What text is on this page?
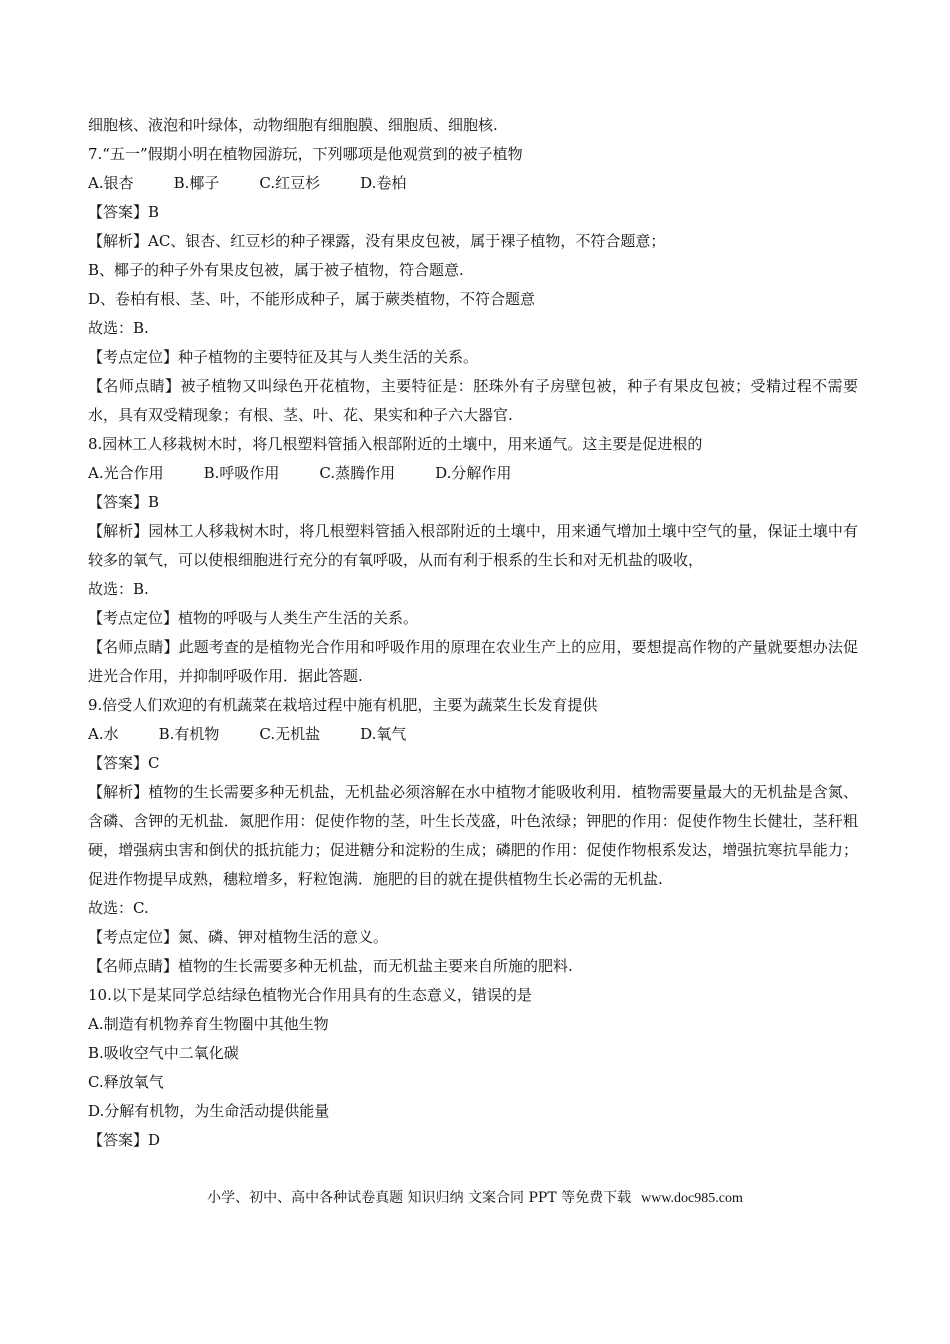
细胞核、液泡和叶绿体，动物细胞有细胞膜、细胞质、细胞核.
7.“五一”假期小明在植物园游玩，下列哪项是他观赏到的被子植物
A.银杏	B.椰子	C.红豆杉	D.卷柏
【答案】B
【解析】AC、银杏、红豆杉的种子裸露，没有果皮包被，属于裸子植物，不符合题意；
B、椰子的种子外有果皮包被，属于被子植物，符合题意.
D、卷柏有根、茎、叶，不能形成种子，属于蕨类植物，不符合题意
故选：B.
【考点定位】种子植物的主要特征及其与人类生活的关系。
【名师点睛】被子植物又叫绿色开花植物，主要特征是：胚珠外有子房壁包被，种子有果皮包被；受精过程不需要水，具有双受精现象；有根、茎、叶、花、果实和种子六大器官.
8.园林工人移栽树木时，将几根塑料管插入根部附近的土壤中，用来通气。这主要是促进根的
A.光合作用	B.呼吸作用	C.蒸腾作用	D.分解作用
【答案】B
【解析】园林工人移栽树木时，将几根塑料管插入根部附近的土壤中，用来通气增加土壤中空气的量，保证土壤中有较多的氧气，可以使根细胞进行充分的有氧呼吸，从而有利于根系的生长和对无机盐的吸收，
故选：B.
【考点定位】植物的呼吸与人类生产生活的关系。
【名师点睛】此题考查的是植物光合作用和呼吸作用的原理在农业生产上的应用，要想提高作物的产量就要想办法促进光合作用，并抑制呼吸作用．据此答题.
9.倍受人们欢迎的有机蔬菜在栽培过程中施有机肥，主要为蔬菜生长发育提供
A.水	B.有机物	C.无机盐	D.氧气
【答案】C
【解析】植物的生长需要多种无机盐，无机盐必须溶解在水中植物才能吸收利用．植物需要量最大的无机盐是含氮、含磷、含钾的无机盐．氮肥作用：促使作物的茎，叶生长茂盛，叶色浓绿；钾肥的作用：促使作物生长健壮，茎秆粗硬，增强病虫害和倒伏的抵抗能力；促进糖分和淀粉的生成；磷肥的作用：促使作物根系发达，增强抗寒抗旱能力；促进作物提早成熟，穗粒增多，籽粒饱满．施肥的目的就在提供植物生长必需的无机盐.
故选：C.
【考点定位】氮、磷、钾对植物生活的意义。
【名师点睛】植物的生长需要多种无机盐，而无机盐主要来自所施的肥料.
10.以下是某同学总结绿色植物光合作用具有的生态意义，错误的是
A.制造有机物养育生物圈中其他生物
B.吸收空气中二氧化碳
C.释放氧气
D.分解有机物，为生命活动提供能量
【答案】D
小学、初中、高中各种试卷真题 知识归纳 文案合同 PPT 等免费下载 www.doc985.com
